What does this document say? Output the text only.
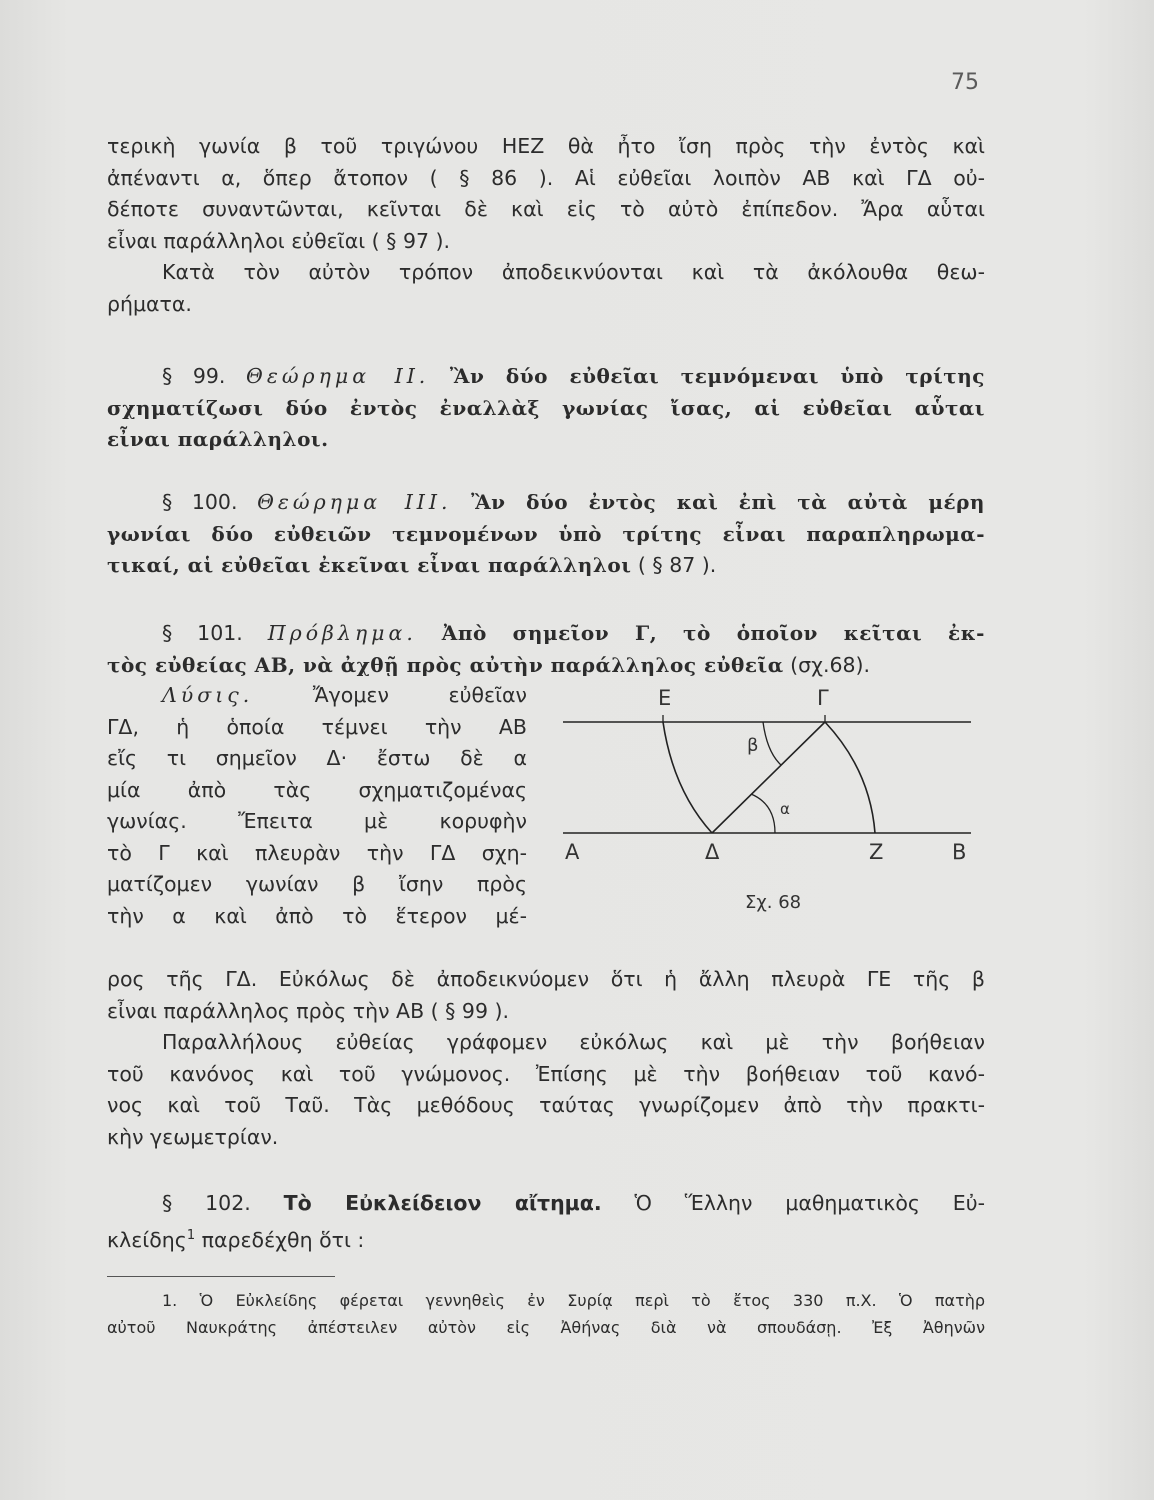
75

τερικὴ γωνία β τοῦ τριγώνου ΗΕΖ θὰ ἦτο ἴση πρὸς τὴν ἐντὸς καὶ

ἀπέναντι α, ὅπερ ἄτοπον ( § 86 ). Αἱ εὐθεῖαι λοιπὸν ΑΒ καὶ ΓΔ οὐ-

δέποτε συναντῶνται, κεῖνται δὲ καὶ εἰς τὸ αὐτὸ ἐπίπεδον. Ἄρα αὗται

εἶναι παράλληλοι εὐθεῖαι ( § 97 ).

Κατὰ τὸν αὐτὸν τρόπον ἀποδεικνύονται καὶ τὰ ἀκόλουθα θεω-

ρήματα.

§ 99. Θεώρημα II. Ἂν δύο εὐθεῖαι τεμνόμεναι ὑπὸ τρίτης

σχηματίζωσι δύο ἐντὸς ἐναλλὰξ γωνίας ἴσας, αἱ εὐθεῖαι αὗται

εἶναι παράλληλοι.

§ 100. Θεώρημα III. Ἂν δύο ἐντὸς καὶ ἐπὶ τὰ αὐτὰ μέρη

γωνίαι δύο εὐθειῶν τεμνομένων ὑπὸ τρίτης εἶναι παραπληρωμα-

τικαί, αἱ εὐθεῖαι ἐκεῖναι εἶναι παράλληλοι ( § 87 ).

§ 101. Πρόβλημα. Ἀπὸ σημεῖον Γ, τὸ ὁποῖον κεῖται ἐκ-

τὸς εὐθείας ΑΒ, νὰ ἀχθῇ πρὸς αὐτὴν παράλληλος εὐθεῖα (σχ.68).

Λύσις.	Ἄγομεν εὐθεῖαν

ΓΔ, ἡ ὁποία τέμνει τὴν ΑΒ

εἴς τι σημεῖον Δ· ἔστω δὲ α

μία ἀπὸ τὰς σχηματιζομένας

γωνίας. Ἔπειτα μὲ κορυφὴν

τὸ Γ καὶ πλευρὰν τὴν ΓΔ σχη-

ματίζομεν γωνίαν β ἴσην πρὸς

τὴν α καὶ ἀπὸ τὸ ἕτερον μέ-

Ε	Γ
β
α
Α	Δ	Ζ	Β
Σχ. 68

ρος τῆς ΓΔ. Εὐκόλως δὲ ἀποδεικνύομεν ὅτι ἡ ἄλλη πλευρὰ ΓΕ τῆς β

εἶναι παράλληλος πρὸς τὴν ΑΒ ( § 99 ).

Παραλλήλους εὐθείας γράφομεν εὐκόλως καὶ μὲ τὴν βοήθειαν

τοῦ κανόνος καὶ τοῦ γνώμονος. Ἐπίσης μὲ τὴν βοήθειαν τοῦ κανό-

νος καὶ τοῦ Ταῦ. Τὰς μεθόδους ταύτας γνωρίζομεν ἀπὸ τὴν πρακτι-

κὴν γεωμετρίαν.

§ 102. Τὸ Εὐκλείδειον αἴτημα. Ὁ Ἕλλην μαθηματικὸς Εὐ-

κλείδης$^1$ παρεδέχθη ὅτι :

1. Ὁ Εὐκλείδης φέρεται γεννηθεὶς ἐν Συρίᾳ περὶ τὸ ἔτος 330 π.Χ. Ὁ πατὴρ

αὐτοῦ Ναυκράτης ἀπέστειλεν αὐτὸν εἰς Ἀθήνας διὰ νὰ σπουδάσῃ. Ἐξ Ἀθηνῶν
